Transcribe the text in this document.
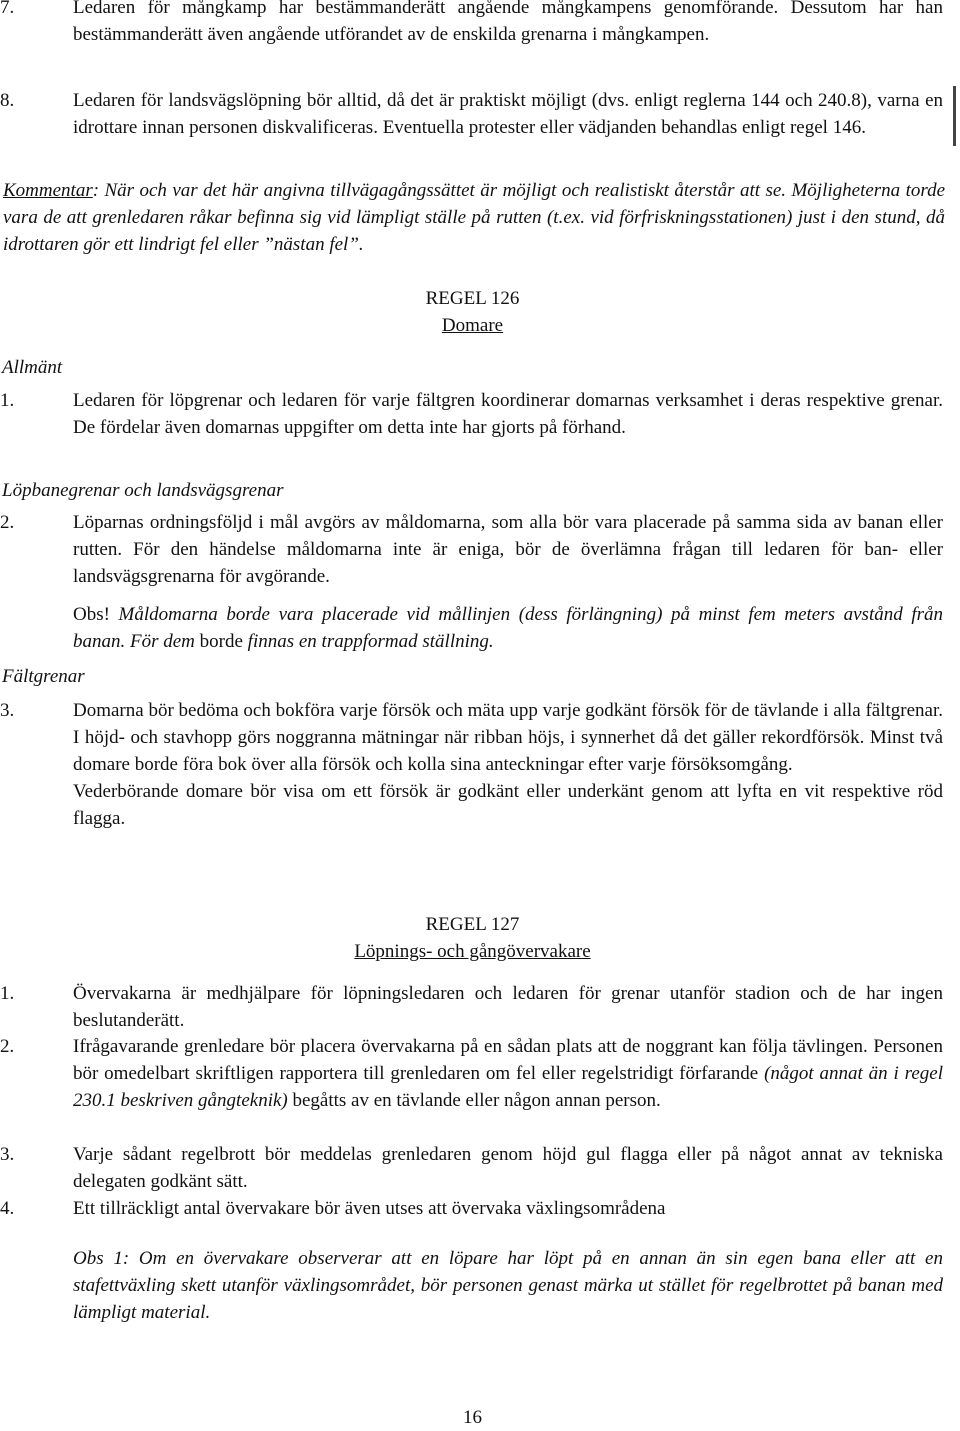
7.	Ledaren för mångkamp har bestämmanderätt angående mångkampens genomförande. Dessutom har han bestämmanderätt även angående utförandet av de enskilda grenarna i mångkampen.
8.	Ledaren för landsvägslöpning bör alltid, då det är praktiskt möjligt (dvs. enligt reglerna 144 och 240.8), varna en idrottare innan personen diskvalificeras. Eventuella protester eller vädjanden behandlas enligt regel 146.
Kommentar: När och var det här angivna tillvägagångssättet är möjligt och realistiskt återstår att se. Möjligheterna torde vara de att grenledaren råkar befinna sig vid lämpligt ställe på rutten (t.ex. vid förfriskningsstationen) just i den stund, då idrottaren gör ett lindrigt fel eller ”nästan fel”.
REGEL 126
Domare
Allmänt
1.	Ledaren för löpgrenar och ledaren för varje fältgren koordinerar domarnas verksamhet i deras respektive grenar. De fördelar även domarnas uppgifter om detta inte har gjorts på förhand.
Löpbanegrenar och landsvägsgrenar
2.	Löparnas ordningsföljd i mål avgörs av måldomarna, som alla bör vara placerade på samma sida av banan eller rutten. För den händelse måldomarna inte är eniga, bör de överlämna frågan till ledaren för ban- eller landsvägsgrenarna för avgörande.
Obs! Måldomarna borde vara placerade vid mållinjen (dess förlängning) på minst fem meters avstånd från banan. För dem borde finnas en trappformad ställning.
Fältgrenar
3.	Domarna bör bedöma och bokföra varje försök och mäta upp varje godkänt försök för de tävlande i alla fältgrenar. I höjd- och stavhopp görs noggranna mätningar när ribban höjs, i synnerhet då det gäller rekordförsök. Minst två domare borde föra bok över alla försök och kolla sina anteckningar efter varje försöksomgång.
Vederbörande domare bör visa om ett försök är godkänt eller underkänt genom att lyfta en vit respektive röd flagga.
REGEL 127
Löpnings- och gångövervakare
1.	Övervakarna är medhjälpare för löpningsledaren och ledaren för grenar utanför stadion och de har ingen beslutanderätt.
2.	Ifrågavarande grenledare bör placera övervakarna på en sådan plats att de noggrant kan följa tävlingen. Personen bör omedelbart skriftligen rapportera till grenledaren om fel eller regelstridigt förfarande (något annat än i regel 230.1 beskriven gångteknik) begåtts av en tävlande eller någon annan person.
3.	Varje sådant regelbrott bör meddelas grenledaren genom höjd gul flagga eller på något annat av tekniska delegaten godkänt sätt.
4.	Ett tillräckligt antal övervakare bör även utses att övervaka växlingsområdena
Obs 1: Om en övervakare observerar att en löpare har löpt på en annan än sin egen bana eller att en stafettväxling skett utanför växlingsområdet, bör personen genast märka ut stället för regelbrottet på banan med lämpligt material.
16
